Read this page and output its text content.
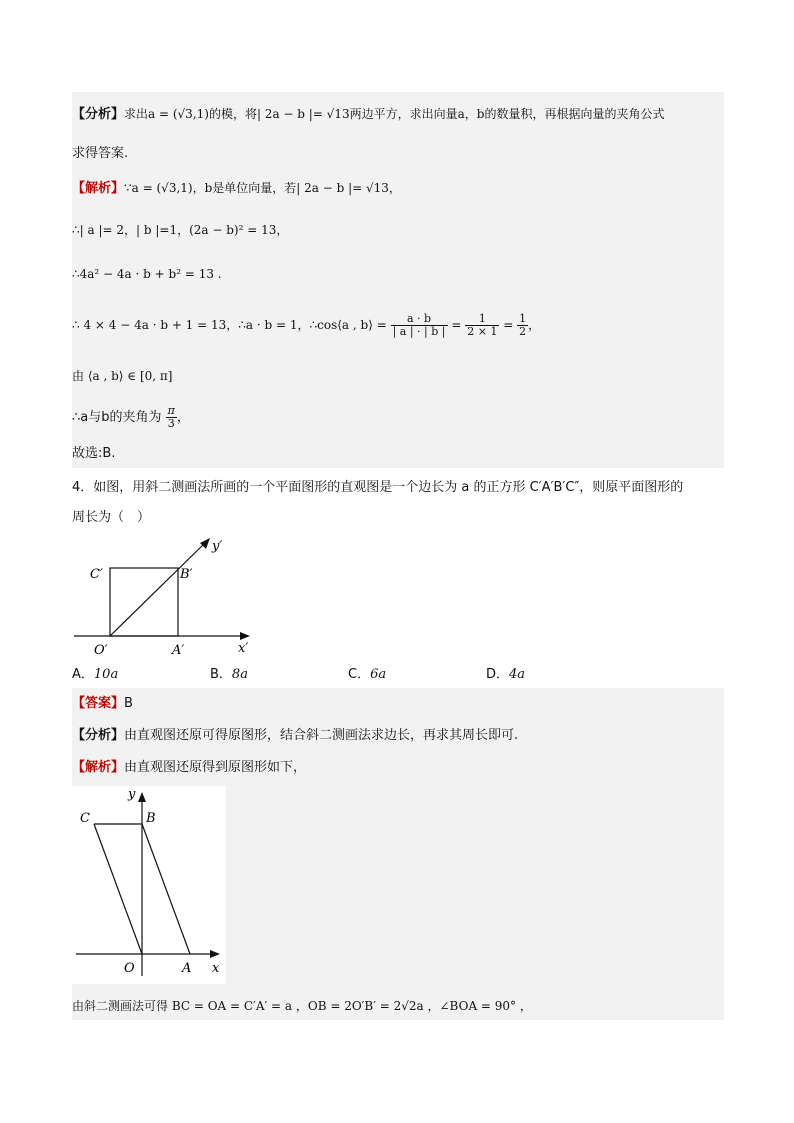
【分析】求出a = (√3,1)的模，将| 2a − b |= √13两边平方，求出向量a，b的数量积，再根据向量的夹角公式
求得答案.
【解析】∵a = (√3,1)，b是单位向量，若| 2a − b |= √13，
∴| a |= 2，| b |=1，(2a − b)² = 13，
∴4a² − 4a · b + b² = 13 .
∴ 4 × 4 − 4a · b + 1 = 13，∴a · b = 1，∴cos⟨a , b⟩ = $\frac{a \cdot b}{| a | \cdot | b |} = \frac{1}{2 \times 1} = \frac{1}{2}$ ，
由 ⟨a , b⟩ ∈ [0, π]
∴a与b的夹角为 $\frac{\pi}{3}$ ，
故选:B.
4．如图，用斜二测画法所画的一个平面图形的直观图是一个边长为 a 的正方形 C′A′B′C″，则原平面图形的
周长为（　）
y′
x′
O′	A′
B′
C′
A．10a	B．8a	C．6a	D．4a
【答案】B
【分析】由直观图还原可得原图形，结合斜二测画法求边长，再求其周长即可.
【解析】由直观图还原得到原图形如下，
y
x
O	A
B
C
由斜二测画法可得 BC = OA = C′A′ = a ，OB = 2O′B′ = 2√2a ，∠BOA = 90° ，
